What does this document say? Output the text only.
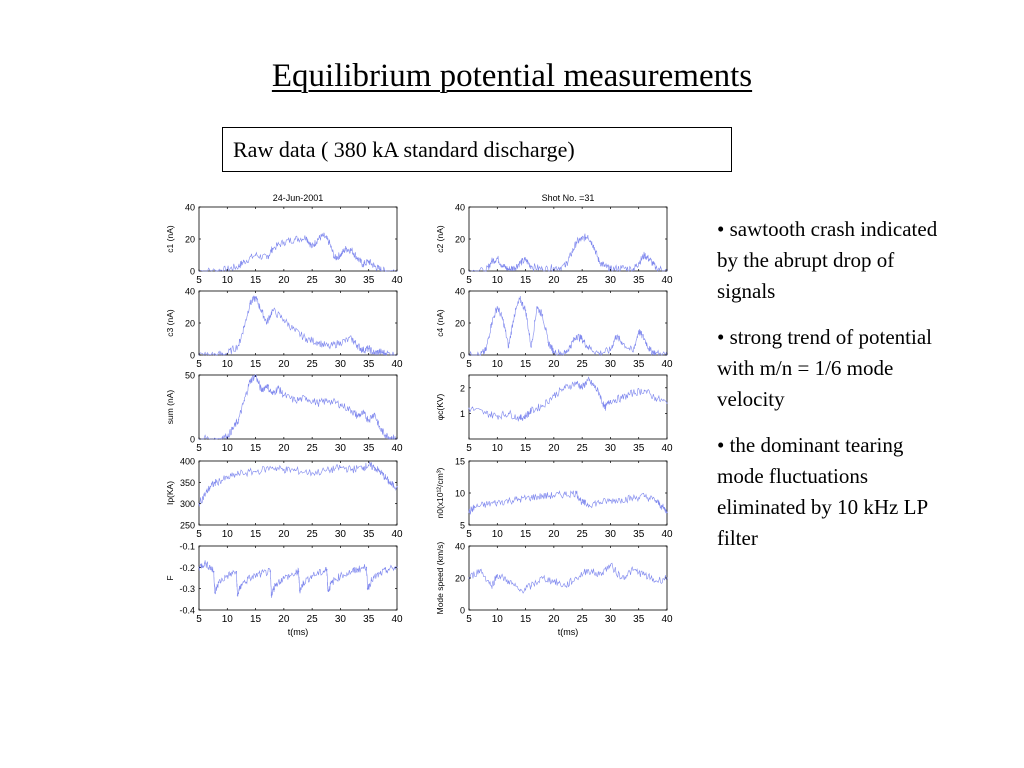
Equilibrium potential measurements
Raw data ( 380 kA standard discharge)

• sawtooth crash indicated by the abrupt drop of signals

• strong trend of potential with m/n = 1/6 mode velocity

• the dominant tearing mode fluctuations eliminated by 10 kHz LP filter

5 10 15 20 25 30 35 40
0
20
40
24-Jun-2001
c1 (nA)
5 10 15 20 25 30 35 40
0
20
40
Shot No. =31
c2 (nA)
5 10 15 20 25 30 35 40
0
20
40
c3 (nA)
5 10 15 20 25 30 35 40
0
20
40
c4 (nA)
5 10 15 20 25 30 35 40
0
50
sum (nA)
5 10 15 20 25 30 35 40
1
2
φc(KV)
5 10 15 20 25 30 35 40
250
300
350
400
Ip(KA)
5 10 15 20 25 30 35 40
5
10
15
n0(x10¹²/cm³)
5 10 15 20 25 30 35 40
-0.4
-0.3
-0.2
-0.1
F
t(ms)
5 10 15 20 25 30 35 40
0
20
40
Mode speed (km/s)
t(ms)
